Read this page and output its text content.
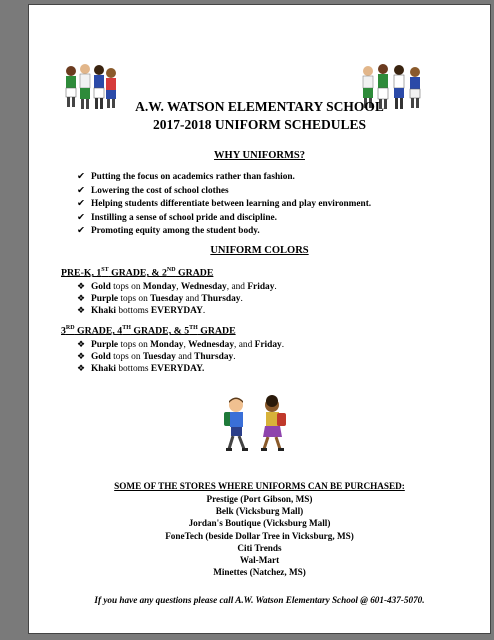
A.W. WATSON ELEMENTARY SCHOOL
2017-2018 UNIFORM SCHEDULES
WHY UNIFORMS?
✔ Putting the focus on academics rather than fashion.
✔ Lowering the cost of school clothes
✔ Helping students differentiate between learning and play environment.
✔ Instilling a sense of school pride and discipline.
✔ Promoting equity among the student body.
UNIFORM COLORS
PRE-K, 1ST GRADE, & 2ND GRADE
❖ Gold tops on Monday, Wednesday, and Friday.
❖ Purple tops on Tuesday and Thursday.
❖ Khaki bottoms EVERYDAY.
3RD GRADE, 4TH GRADE, & 5TH GRADE
❖ Purple tops on Monday, Wednesday, and Friday.
❖ Gold tops on Tuesday and Thursday.
❖ Khaki bottoms EVERYDAY.
SOME OF THE STORES WHERE UNIFORMS CAN BE PURCHASED:
Prestige (Port Gibson, MS)
Belk (Vicksburg Mall)
Jordan's Boutique (Vicksburg Mall)
FoneTech (beside Dollar Tree in Vicksburg, MS)
Citi Trends
Wal-Mart
Minettes (Natchez, MS)
If you have any questions please call A.W. Watson Elementary School @ 601-437-5070.
